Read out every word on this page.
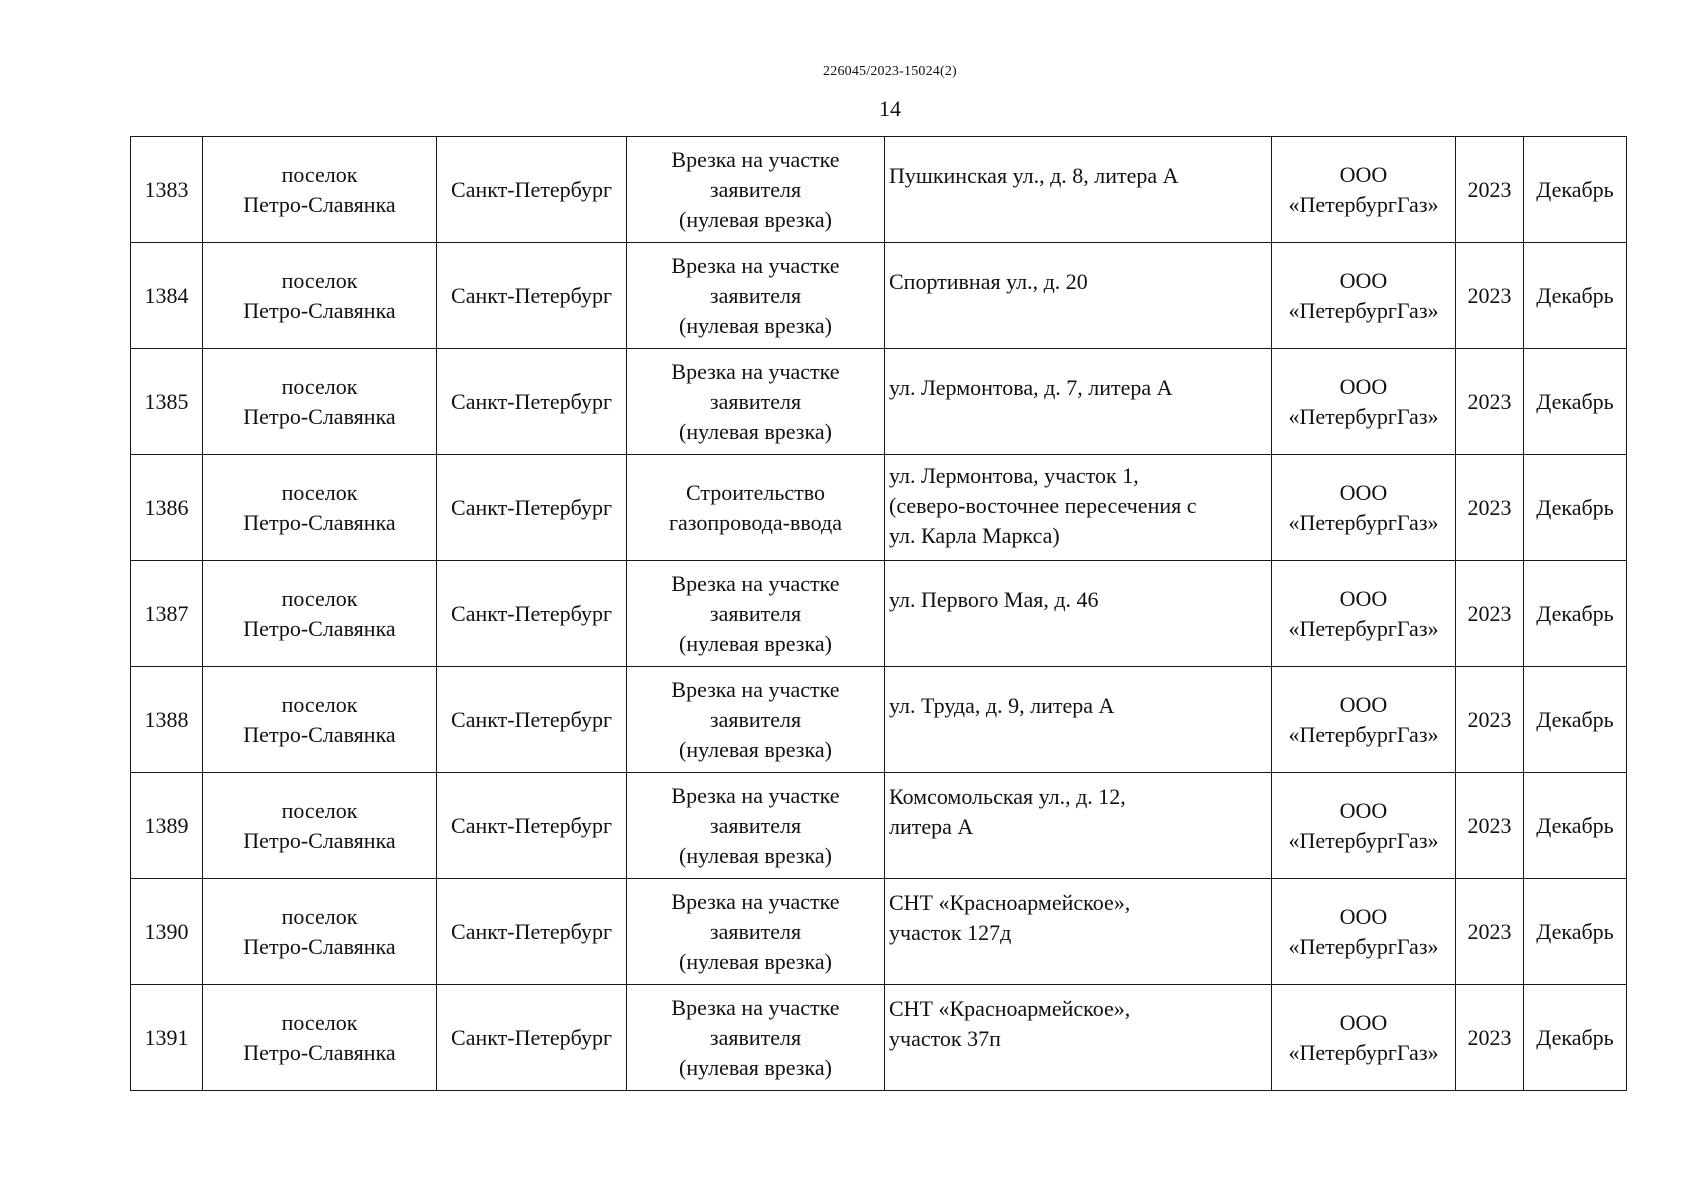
226045/2023-15024(2)
14
1383	поселок
Петро-Славянка	Санкт-Петербург	Врезка на участке
заявителя
(нулевая врезка)	Пушкинская ул., д. 8, литера А	ООО
«ПетербургГаз»	2023	Декабрь
1384	поселок
Петро-Славянка	Санкт-Петербург	Врезка на участке
заявителя
(нулевая врезка)	Спортивная ул., д. 20	ООО
«ПетербургГаз»	2023	Декабрь
1385	поселок
Петро-Славянка	Санкт-Петербург	Врезка на участке
заявителя
(нулевая врезка)	ул. Лермонтова, д. 7, литера А	ООО
«ПетербургГаз»	2023	Декабрь
1386	поселок
Петро-Славянка	Санкт-Петербург	Строительство
газопровода-ввода	ул. Лермонтова, участок 1,
(северо-восточнее пересечения с
ул. Карла Маркса)	ООО
«ПетербургГаз»	2023	Декабрь
1387	поселок
Петро-Славянка	Санкт-Петербург	Врезка на участке
заявителя
(нулевая врезка)	ул. Первого Мая, д. 46	ООО
«ПетербургГаз»	2023	Декабрь
1388	поселок
Петро-Славянка	Санкт-Петербург	Врезка на участке
заявителя
(нулевая врезка)	ул. Труда, д. 9, литера А	ООО
«ПетербургГаз»	2023	Декабрь
1389	поселок
Петро-Славянка	Санкт-Петербург	Врезка на участке
заявителя
(нулевая врезка)	Комсомольская ул., д. 12,
литера А	ООО
«ПетербургГаз»	2023	Декабрь
1390	поселок
Петро-Славянка	Санкт-Петербург	Врезка на участке
заявителя
(нулевая врезка)	СНТ «Красноармейское»,
участок 127д	ООО
«ПетербургГаз»	2023	Декабрь
1391	поселок
Петро-Славянка	Санкт-Петербург	Врезка на участке
заявителя
(нулевая врезка)	СНТ «Красноармейское»,
участок 37п	ООО
«ПетербургГаз»	2023	Декабрь
